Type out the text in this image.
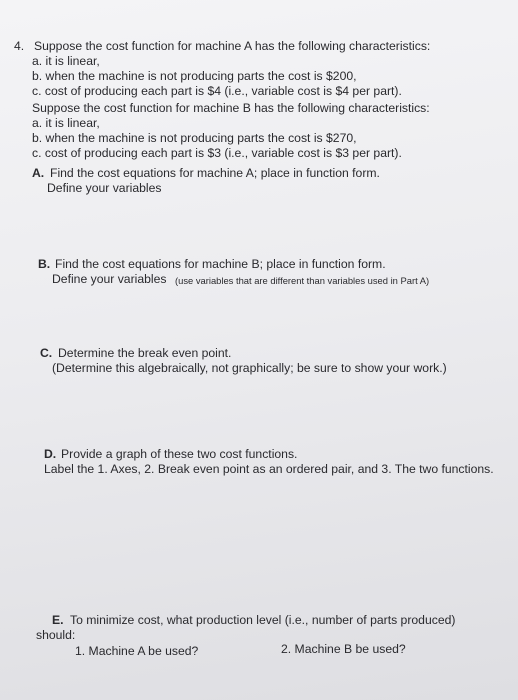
4. Suppose the cost function for machine A has the following characteristics:
a. it is linear,
b. when the machine is not producing parts the cost is $200,
c. cost of producing each part is $4 (i.e., variable cost is $4 per part).
Suppose the cost function for machine B has the following characteristics:
a. it is linear,
b. when the machine is not producing parts the cost is $270,
c. cost of producing each part is $3 (i.e., variable cost is $3 per part).
A. Find the cost equations for machine A; place in function form.
Define your variables
B. Find the cost equations for machine B; place in function form.
Define your variables (use variables that are different than variables used in Part A)
C. Determine the break even point.
(Determine this algebraically, not graphically; be sure to show your work.)
D. Provide a graph of these two cost functions.
Label the 1. Axes, 2. Break even point as an ordered pair, and 3. The two functions.
E. To minimize cost, what production level (i.e., number of parts produced)
should:
1. Machine A be used?	2. Machine B be used?
